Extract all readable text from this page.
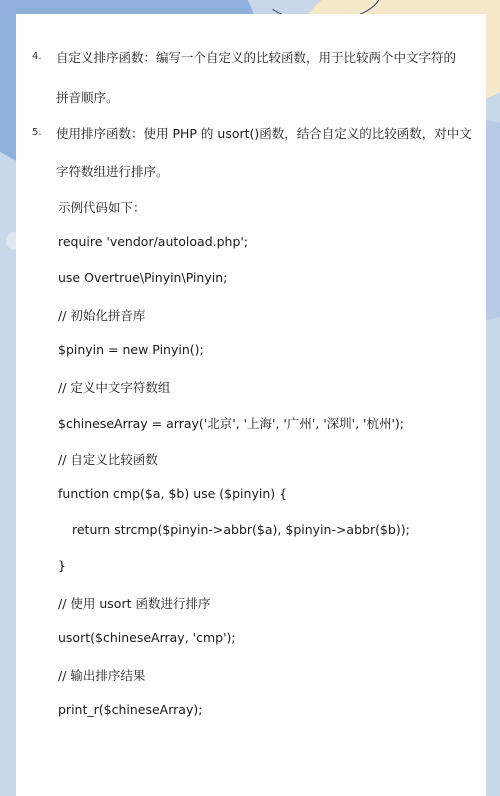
4. 自定义排序函数：编写一个自定义的比较函数，用于比较两个中文字符的
拼音顺序。
5. 使用排序函数：使用 PHP 的 usort()函数，结合自定义的比较函数，对中文
字符数组进行排序。
示例代码如下：
require 'vendor/autoload.php';
use Overtrue\Pinyin\Pinyin;
// 初始化拼音库
$pinyin = new Pinyin();
// 定义中文字符数组
$chineseArray = array('北京', '上海', '广州', '深圳', '杭州');
// 自定义比较函数
function cmp($a, $b) use ($pinyin) {
return strcmp($pinyin->abbr($a), $pinyin->abbr($b));
}
// 使用 usort 函数进行排序
usort($chineseArray, 'cmp');
// 输出排序结果
print_r($chineseArray);
